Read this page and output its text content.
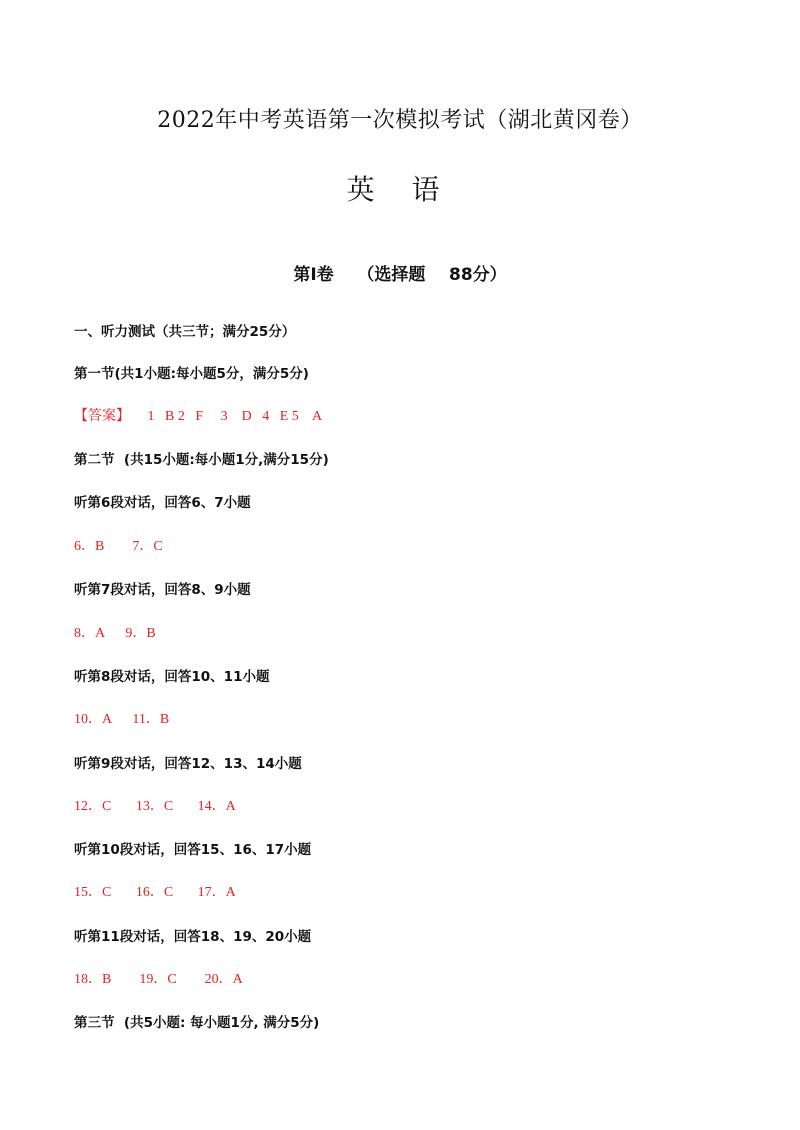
2022年中考英语第一次模拟考试（湖北黄冈卷）
英 语
第Ⅰ卷    （选择题    88分）
一、听力测试（共三节；满分25分）
第一节(共1小题:每小题5分，满分5分)
【答案】     1   B 2   F     3    D   4   E 5    A
第二节  (共15小题:每小题1分,满分15分)
听第6段对话，回答6、7小题
6．B        7．C
听第7段对话，回答8、9小题
8．A      9．B
听第8段对话，回答10、11小题
10．A      11．B
听第9段对话，回答12、13、14小题
12．C       13．C       14．A
听第10段对话，回答15、16、17小题
15．C       16．C       17．A
听第11段对话，回答18、19、20小题
18．B        19．C        20．A
第三节  (共5小题: 每小题1分, 满分5分)
